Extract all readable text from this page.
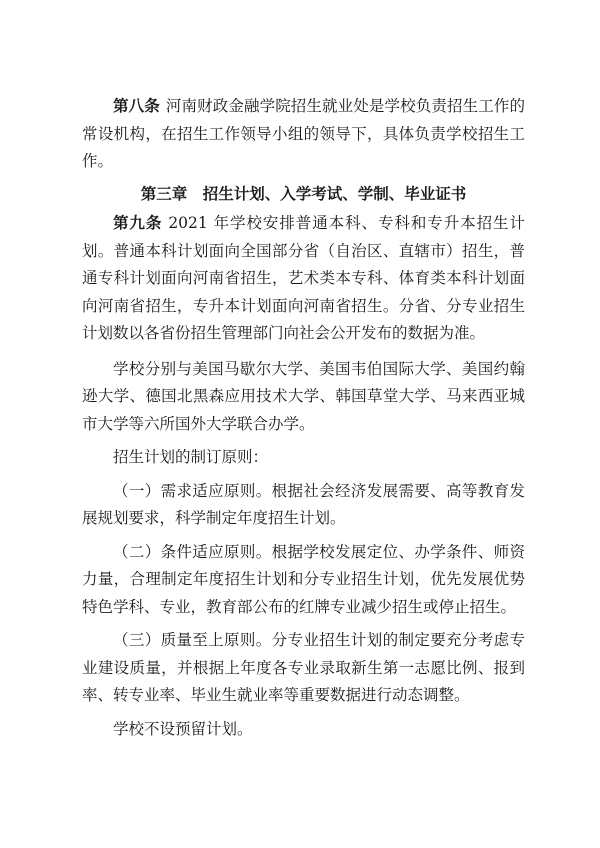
第八条 河南财政金融学院招生就业处是学校负责招生工作的常设机构，在招生工作领导小组的领导下，具体负责学校招生工作。

第三章　招生计划、入学考试、学制、毕业证书

第九条 2021 年学校安排普通本科、专科和专升本招生计划。普通本科计划面向全国部分省（自治区、直辖市）招生，普通专科计划面向河南省招生，艺术类本专科、体育类本科计划面向河南省招生，专升本计划面向河南省招生。分省、分专业招生计划数以各省份招生管理部门向社会公开发布的数据为准。

学校分别与美国马歇尔大学、美国韦伯国际大学、美国约翰逊大学、德国北黑森应用技术大学、韩国草堂大学、马来西亚城市大学等六所国外大学联合办学。

招生计划的制订原则：

（一）需求适应原则。根据社会经济发展需要、高等教育发展规划要求，科学制定年度招生计划。

（二）条件适应原则。根据学校发展定位、办学条件、师资力量，合理制定年度招生计划和分专业招生计划，优先发展优势特色学科、专业，教育部公布的红牌专业减少招生或停止招生。

（三）质量至上原则。分专业招生计划的制定要充分考虑专业建设质量，并根据上年度各专业录取新生第一志愿比例、报到率、转专业率、毕业生就业率等重要数据进行动态调整。

学校不设预留计划。
